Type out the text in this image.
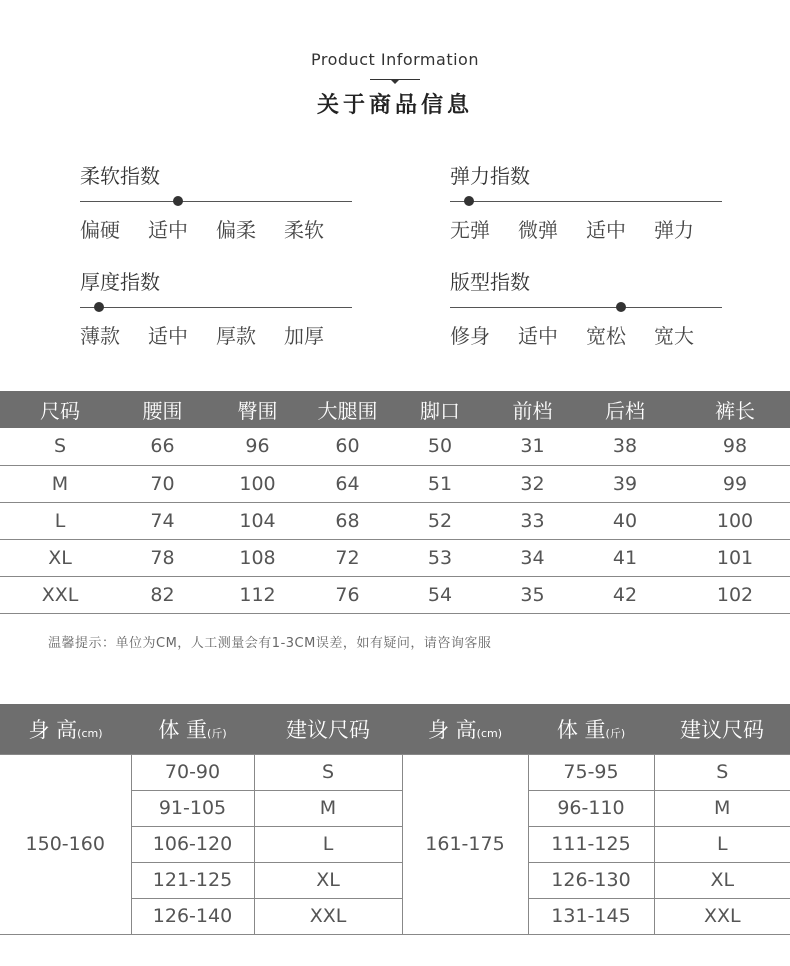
Product Information
关于商品信息
柔软指数
偏硬	适中	偏柔	柔软
弹力指数
无弹	微弹	适中	弹力
厚度指数
薄款	适中	厚款	加厚
版型指数
修身	适中	宽松	宽大
尺码	腰围	臀围	大腿围	脚口	前档	后档	裤长
S	66	96	60	50	31	38	98
M	70	100	64	51	32	39	99
L	74	104	68	52	33	40	100
XL	78	108	72	53	34	41	101
XXL	82	112	76	54	35	42	102
温馨提示：单位为CM，人工测量会有1-3CM误差，如有疑问，请咨询客服
身 高(cm)	体 重(斤)	建议尺码	身 高(cm)	体 重(斤)	建议尺码
150-160	70-90	S	161-175	75-95	S
	91-105	M		96-110	M
	106-120	L		111-125	L
	121-125	XL		126-130	XL
	126-140	XXL		131-145	XXL
